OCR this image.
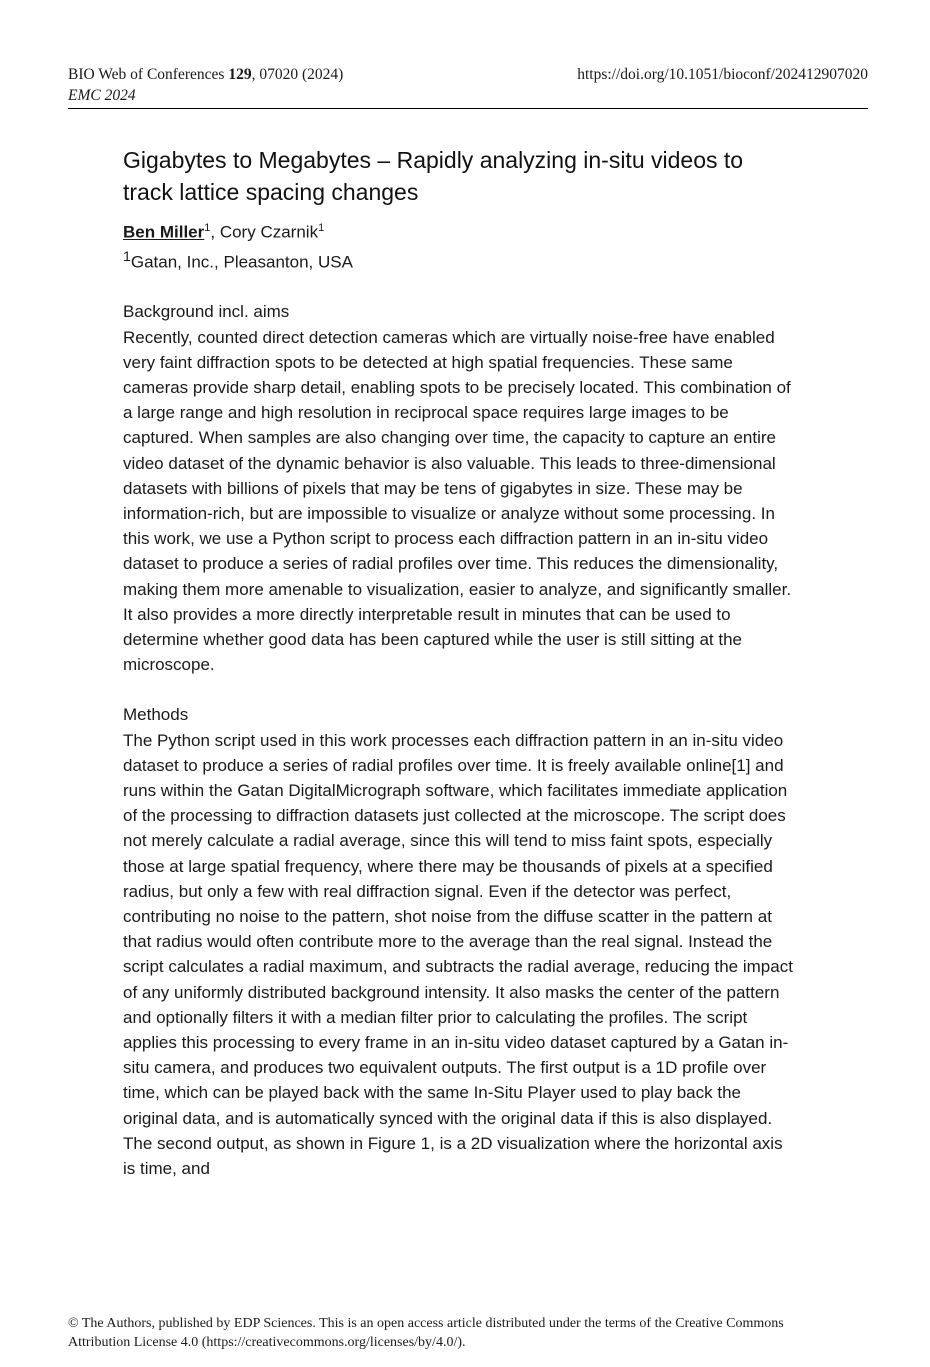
BIO Web of Conferences 129, 07020 (2024)	https://doi.org/10.1051/bioconf/202412907020
EMC 2024
Gigabytes to Megabytes – Rapidly analyzing in-situ videos to track lattice spacing changes
Ben Miller$^1$, Cory Czarnik$^1$
$^1$Gatan, Inc., Pleasanton, USA
Background incl. aims

Recently, counted direct detection cameras which are virtually noise-free have enabled very faint diffraction spots to be detected at high spatial frequencies. These same cameras provide sharp detail, enabling spots to be precisely located. This combination of a large range and high resolution in reciprocal space requires large images to be captured. When samples are also changing over time, the capacity to capture an entire video dataset of the dynamic behavior is also valuable. This leads to three-dimensional datasets with billions of pixels that may be tens of gigabytes in size. These may be information-rich, but are impossible to visualize or analyze without some processing. In this work, we use a Python script to process each diffraction pattern in an in-situ video dataset to produce a series of radial profiles over time. This reduces the dimensionality, making them more amenable to visualization, easier to analyze, and significantly smaller. It also provides a more directly interpretable result in minutes that can be used to determine whether good data has been captured while the user is still sitting at the microscope.

Methods

The Python script used in this work processes each diffraction pattern in an in-situ video dataset to produce a series of radial profiles over time. It is freely available online[1] and runs within the Gatan DigitalMicrograph software, which facilitates immediate application of the processing to diffraction datasets just collected at the microscope. The script does not merely calculate a radial average, since this will tend to miss faint spots, especially those at large spatial frequency, where there may be thousands of pixels at a specified radius, but only a few with real diffraction signal. Even if the detector was perfect, contributing no noise to the pattern, shot noise from the diffuse scatter in the pattern at that radius would often contribute more to the average than the real signal. Instead the script calculates a radial maximum, and subtracts the radial average, reducing the impact of any uniformly distributed background intensity. It also masks the center of the pattern and optionally filters it with a median filter prior to calculating the profiles. The script applies this processing to every frame in an in-situ video dataset captured by a Gatan in-situ camera, and produces two equivalent outputs. The first output is a 1D profile over time, which can be played back with the same In-Situ Player used to play back the original data, and is automatically synced with the original data if this is also displayed. The second output, as shown in Figure 1, is a 2D visualization where the horizontal axis is time, and

© The Authors, published by EDP Sciences. This is an open access article distributed under the terms of the Creative Commons
Attribution License 4.0 (https://creativecommons.org/licenses/by/4.0/).
